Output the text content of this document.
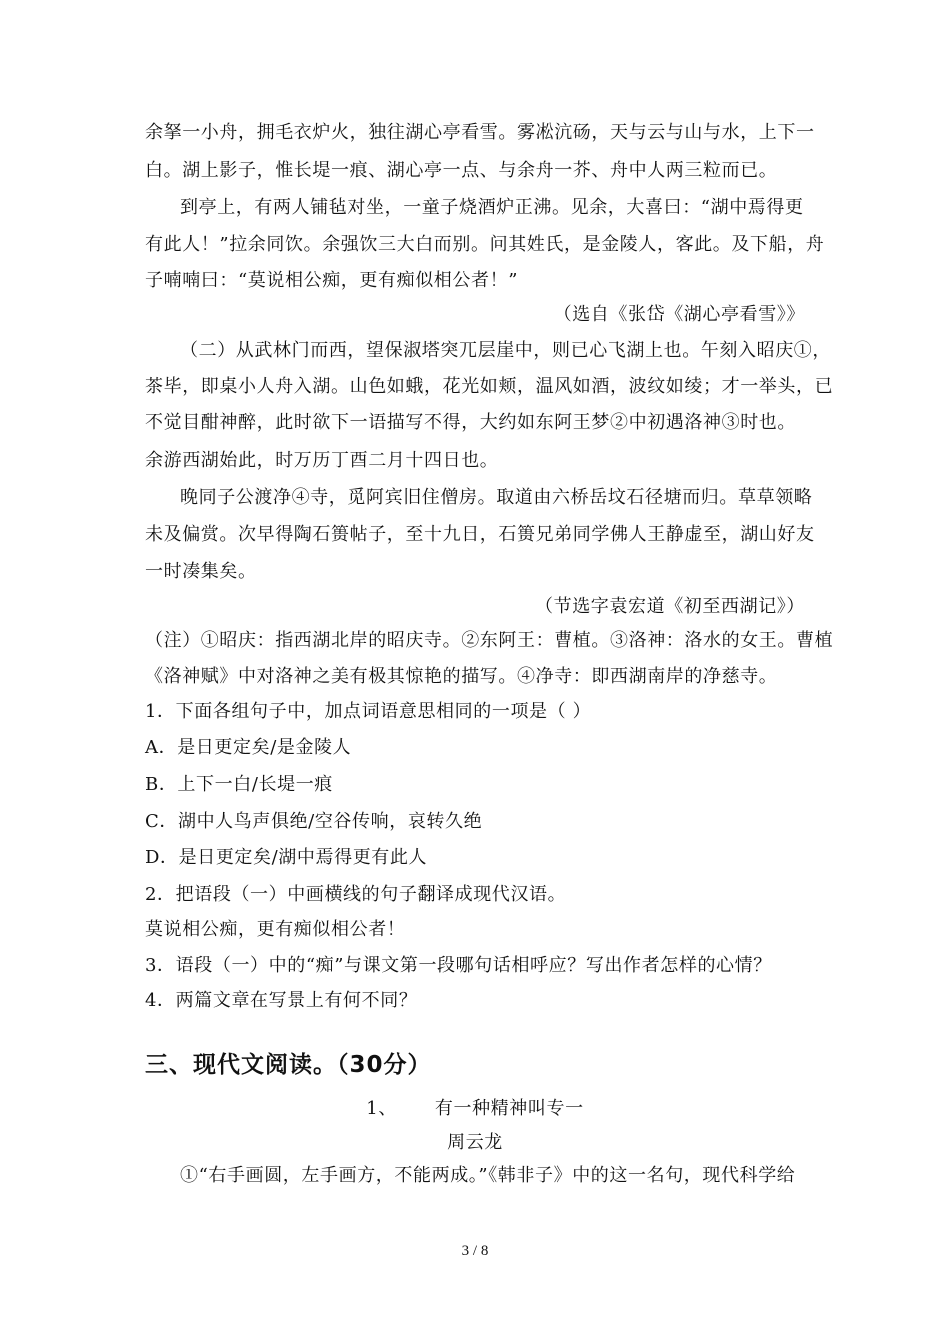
余拏一小舟，拥毛衣炉火，独往湖心亭看雪。雾凇沆砀，天与云与山与水，上下一
白。湖上影子，惟长堤一痕、湖心亭一点、与余舟一芥、舟中人两三粒而已。
到亭上，有两人铺毡对坐，一童子烧酒炉正沸。见余，大喜曰：“湖中焉得更
有此人！”拉余同饮。余强饮三大白而别。问其姓氏，是金陵人，客此。及下船，舟
子喃喃曰：“莫说相公痴，更有痴似相公者！”
（选自《张岱《湖心亭看雪》》
（二）从武林门而西，望保淑塔突兀层崖中，则已心飞湖上也。午刻入昭庆①，
茶毕，即桌小人舟入湖。山色如蛾，花光如颊，温风如酒，波纹如绫；才一举头，已
不觉目酣神醉，此时欲下一语描写不得，大约如东阿王梦②中初遇洛神③时也。
余游西湖始此，时万历丁酉二月十四日也。
晚同子公渡净④寺，觅阿宾旧住僧房。取道由六桥岳坟石径塘而归。草草领略
未及偏赏。次早得陶石篑帖子，至十九日，石篑兄弟同学佛人王静虚至，湖山好友
一时凑集矣。
（节选字袁宏道《初至西湖记》）
（注）①昭庆：指西湖北岸的昭庆寺。②东阿王：曹植。③洛神：洛水的女王。曹植
《洛神赋》中对洛神之美有极其惊艳的描写。④净寺：即西湖南岸的净慈寺。
1．下面各组句子中，加点词语意思相同的一项是（ ）
A．是日更定矣/是金陵人
B．上下一白/长堤一痕
C．湖中人鸟声俱绝/空谷传响，哀转久绝
D．是日更定矣/湖中焉得更有此人
2．把语段（一）中画横线的句子翻译成现代汉语。
莫说相公痴，更有痴似相公者！
3．语段（一）中的“痴”与课文第一段哪句话相呼应？写出作者怎样的心情？
4．两篇文章在写景上有何不同？
三、现代文阅读。（30分）
1、      有一种精神叫专一
周云龙
①“右手画圆，左手画方，不能两成。”《韩非子》中的这一名句，现代科学给
3 / 8
